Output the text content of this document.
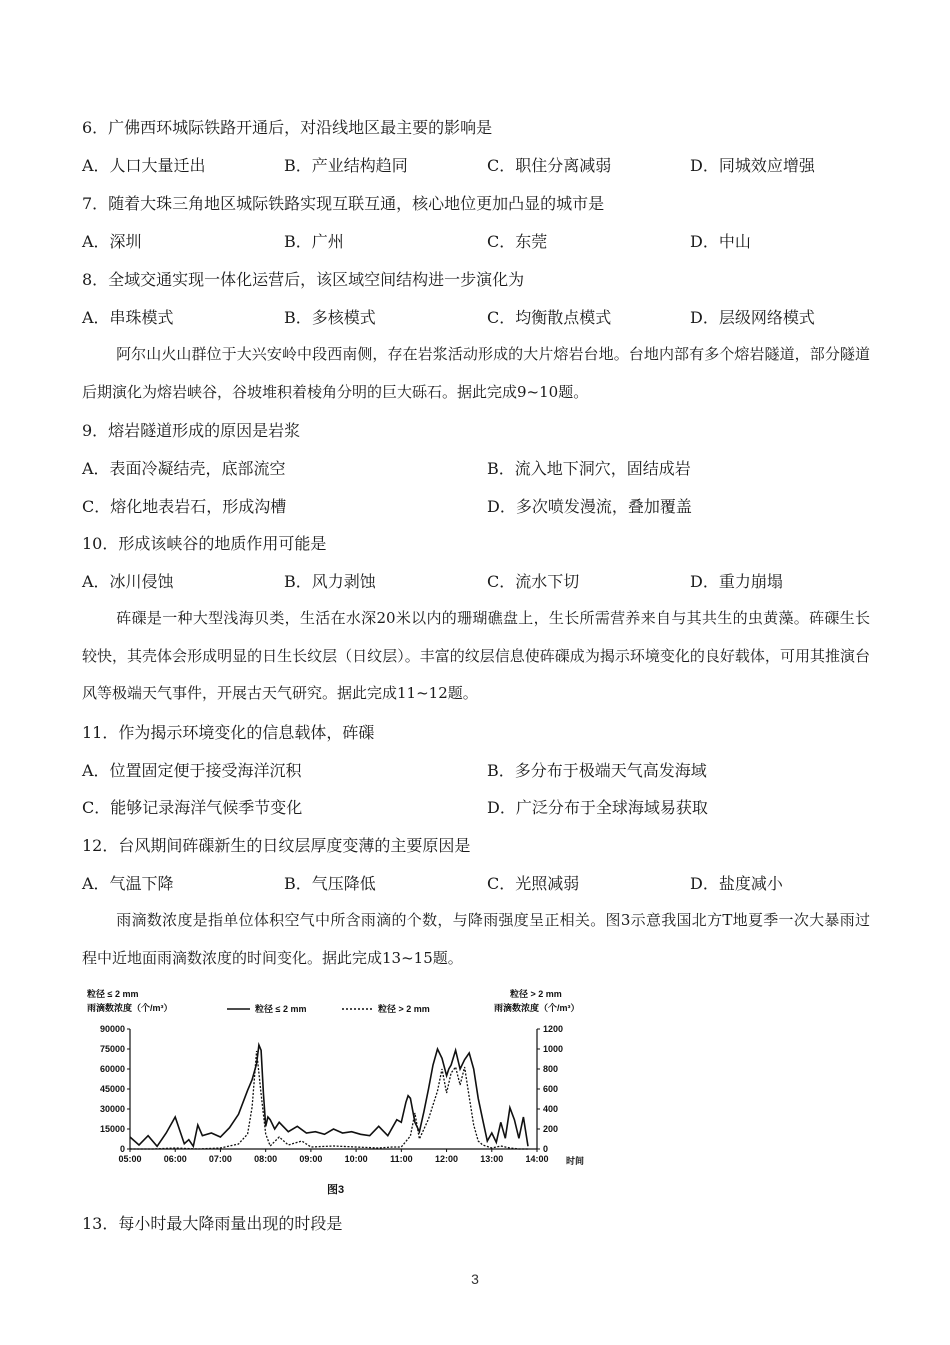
6．广佛西环城际铁路开通后，对沿线地区最主要的影响是
A．人口大量迁出	B．产业结构趋同	C．职住分离减弱	D．同城效应增强
7．随着大珠三角地区城际铁路实现互联互通，核心地位更加凸显的城市是
A．深圳	B．广州	C．东莞	D．中山
8．全域交通实现一体化运营后，该区域空间结构进一步演化为
A．串珠模式	B．多核模式	C．均衡散点模式	D．层级网络模式
阿尔山火山群位于大兴安岭中段西南侧，存在岩浆活动形成的大片熔岩台地。台地内部有多个熔岩隧道，部分隧道后期演化为熔岩峡谷，谷坡堆积着棱角分明的巨大砾石。据此完成9~10题。
9．熔岩隧道形成的原因是岩浆
A．表面冷凝结壳，底部流空	B．流入地下洞穴，固结成岩
C．熔化地表岩石，形成沟槽	D．多次喷发漫流，叠加覆盖
10．形成该峡谷的地质作用可能是
A．冰川侵蚀	B．风力剥蚀	C．流水下切	D．重力崩塌
砗磲是一种大型浅海贝类，生活在水深20米以内的珊瑚礁盘上，生长所需营养来自与其共生的虫黄藻。砗磲生长较快，其壳体会形成明显的日生长纹层（日纹层）。丰富的纹层信息使砗磲成为揭示环境变化的良好载体，可用其推演台风等极端天气事件，开展古天气研究。据此完成11~12题。
11．作为揭示环境变化的信息载体，砗磲
A．位置固定便于接受海洋沉积	B．多分布于极端天气高发海域
C．能够记录海洋气候季节变化	D．广泛分布于全球海域易获取
12．台风期间砗磲新生的日纹层厚度变薄的主要原因是
A．气温下降	B．气压降低	C．光照减弱	D．盐度减小
雨滴数浓度是指单位体积空气中所含雨滴的个数，与降雨强度呈正相关。图3示意我国北方T地夏季一次大暴雨过程中近地面雨滴数浓度的时间变化。据此完成13~15题。
粒径 ≤ 2 mm
雨滴数浓度（个/m³）
粒径 > 2 mm
雨滴数浓度（个/m³）
粒径 ≤ 2 mm	粒径 > 2 mm
90000
75000
60000
45000
30000
15000
0
1200
1000
800
600
400
200
0
05:00 06:00 07:00 08:00 09:00 10:00 11:00 12:00 13:00 14:00 时间
图3
13．每小时最大降雨量出现的时段是
3
